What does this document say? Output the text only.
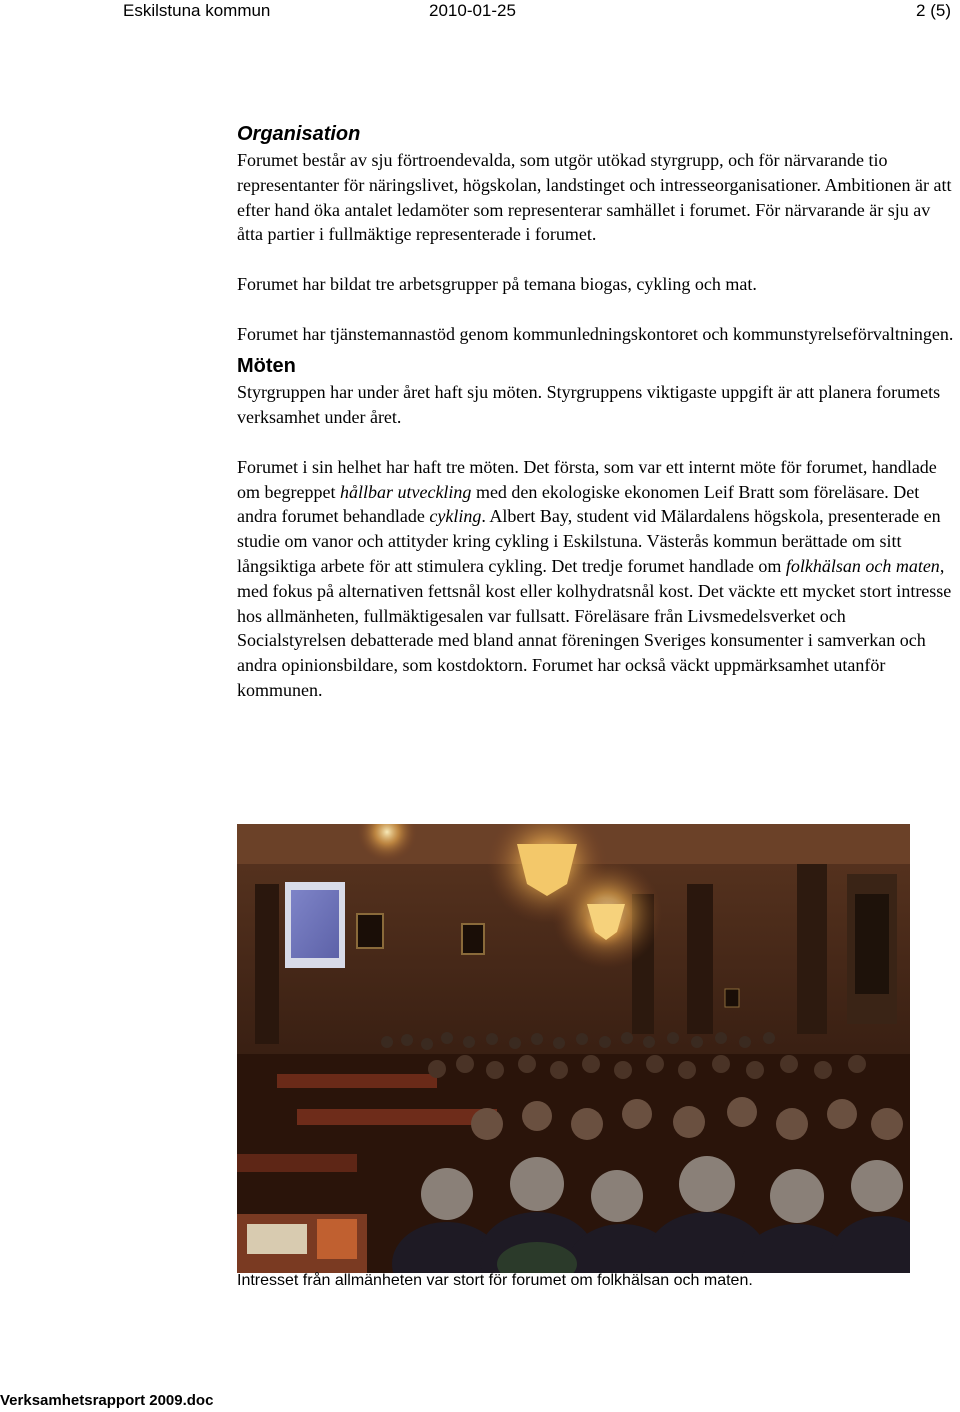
Eskilstuna kommun	2010-01-25	2 (5)
Organisation

Forumet består av sju förtroendevalda, som utgör utökad styrgrupp, och för närvarande tio representanter för näringslivet, högskolan, landstinget och intresseorganisationer. Ambitionen är att efter hand öka antalet ledamöter som representerar samhället i forumet. För närvarande är sju av åtta partier i fullmäktige representerade i forumet.

Forumet har bildat tre arbetsgrupper på temana biogas, cykling och mat.

Forumet har tjänstemannastöd genom kommunledningskontoret och kommunstyrelseförvaltningen.

Möten

Styrgruppen har under året haft sju möten. Styrgruppens viktigaste uppgift är att planera forumets verksamhet under året.

Forumet i sin helhet har haft tre möten. Det första, som var ett internt möte för forumet, handlade om begreppet hållbar utveckling med den ekologiske ekonomen Leif Bratt som föreläsare. Det andra forumet behandlade cykling. Albert Bay, student vid Mälardalens högskola, presenterade en studie om vanor och attityder kring cykling i Eskilstuna. Västerås kommun berättade om sitt långsiktiga arbete för att stimulera cykling. Det tredje forumet handlade om folkhälsan och maten, med fokus på alternativen fettsnål kost eller kolhydratsnål kost. Det väckte ett mycket stort intresse hos allmänheten, fullmäktigesalen var fullsatt. Föreläsare från Livsmedelsverket och Socialstyrelsen debatterade med bland annat föreningen Sveriges konsumenter i samverkan och andra opinionsbildare, som kostdoktorn. Forumet har också väckt uppmärksamhet utanför kommunen.

Intresset från allmänheten var stort för forumet om folkhälsan och maten.
Verksamhetsrapport 2009.doc
